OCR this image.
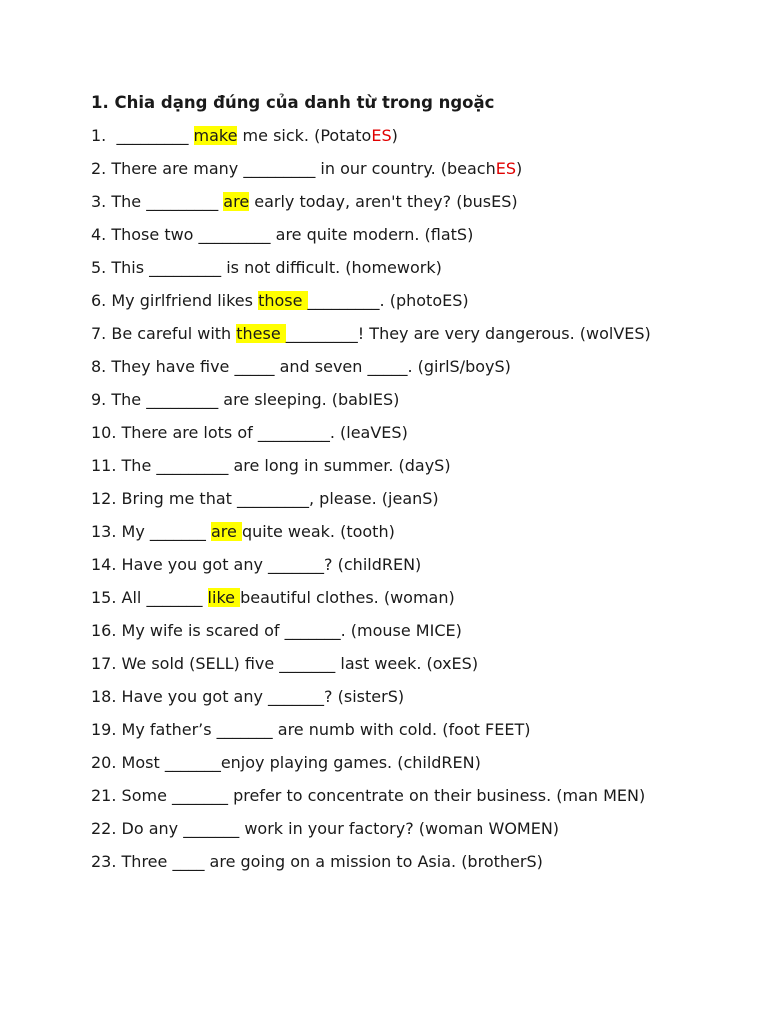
1. Chia dạng đúng của danh từ trong ngoặc
1.  _________ make me sick. (PotatoES)
2. There are many _________ in our country. (beachES)
3. The _________ are early today, aren't they? (busES)
4. Those two _________ are quite modern. (flatS)
5. This _________ is not difficult. (homework)
6. My girlfriend likes those _________. (photoES)
7. Be careful with these _________! They are very dangerous. (wolVES)
8. They have five _____ and seven _____. (girlS/boyS)
9. The _________ are sleeping. (babIES)
10. There are lots of _________. (leaVES)
11. The _________ are long in summer. (dayS)
12. Bring me that _________, please. (jeanS)
13. My _______ are quite weak. (tooth)
14. Have you got any _______? (childREN)
15. All _______ like beautiful clothes. (woman)
16. My wife is scared of _______. (mouse MICE)
17. We sold (SELL) five _______ last week. (oxES)
18. Have you got any _______? (sisterS)
19. My father’s _______ are numb with cold. (foot FEET)
20. Most _______enjoy playing games. (childREN)
21. Some _______ prefer to concentrate on their business. (man MEN)
22. Do any _______ work in your factory? (woman WOMEN)
23. Three ____ are going on a mission to Asia. (brotherS)
